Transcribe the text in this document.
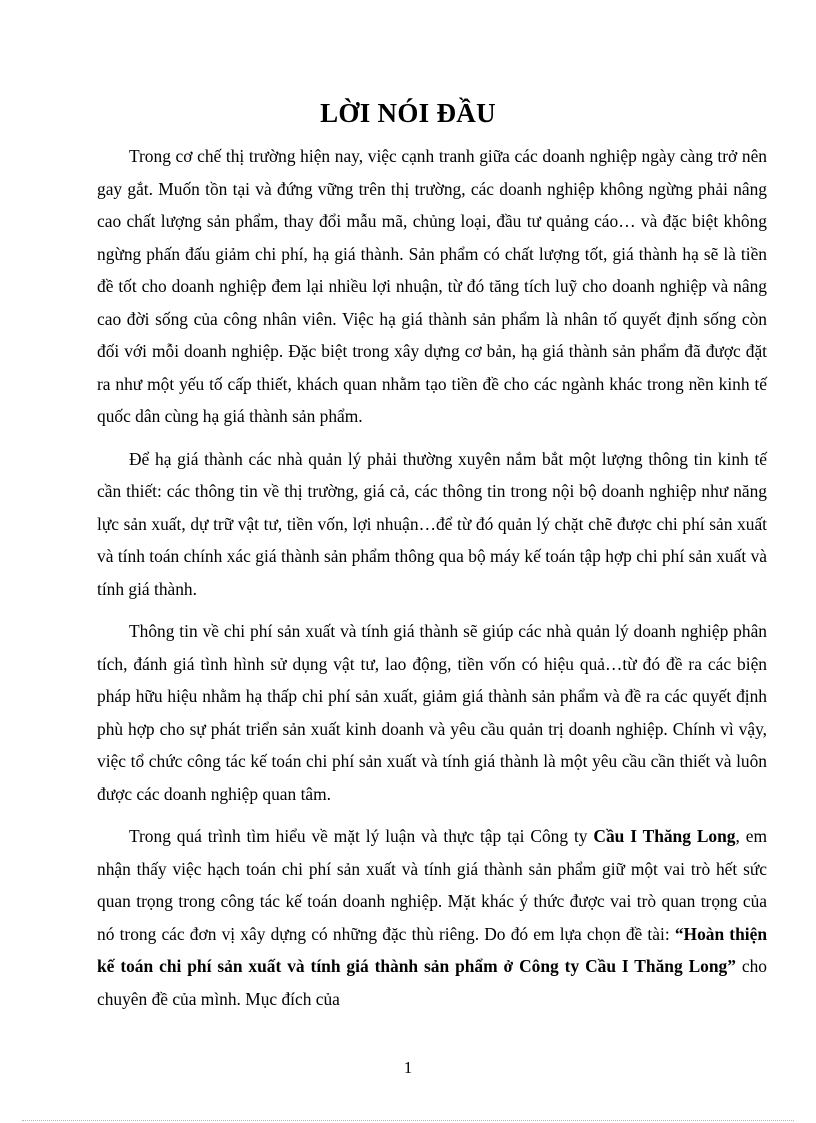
LỜI NÓI ĐẦU

Trong cơ chế thị trường hiện nay, việc cạnh tranh giữa các doanh nghiệp ngày càng trở nên gay gắt. Muốn tồn tại và đứng vững trên thị trường, các doanh nghiệp không ngừng phải nâng cao chất lượng sản phẩm, thay đổi mẫu mã, chủng loại, đầu tư quảng cáo… và đặc biệt không ngừng phấn đấu giảm chi phí, hạ giá thành. Sản phẩm có chất lượng tốt, giá thành hạ sẽ là tiền đề tốt cho doanh nghiệp đem lại nhiều lợi nhuận, từ đó tăng tích luỹ cho doanh nghiệp và nâng cao đời sống của công nhân viên. Việc hạ giá thành sản phẩm là nhân tố quyết định sống còn đối với mỗi doanh nghiệp. Đặc biệt trong xây dựng cơ bản, hạ giá thành sản phẩm đã được đặt ra như một yếu tố cấp thiết, khách quan nhằm tạo tiền đề cho các ngành khác trong nền kinh tế quốc dân cùng hạ giá thành sản phẩm.

Để hạ giá thành các nhà quản lý phải thường xuyên nắm bắt một lượng thông tin kinh tế cần thiết: các thông tin về thị trường, giá cả, các thông tin trong nội bộ doanh nghiệp như năng lực sản xuất, dự trữ vật tư, tiền vốn, lợi nhuận…để từ đó quản lý chặt chẽ được chi phí sản xuất và tính toán chính xác giá thành sản phẩm thông qua bộ máy kế toán tập hợp chi phí sản xuất và tính giá thành.

Thông tin về chi phí sản xuất và tính giá thành sẽ giúp các nhà quản lý doanh nghiệp phân tích, đánh giá tình hình sử dụng vật tư, lao động, tiền vốn có hiệu quả…từ đó đề ra các biện pháp hữu hiệu nhằm hạ thấp chi phí sản xuất, giảm giá thành sản phẩm và đề ra các quyết định phù hợp cho sự phát triển sản xuất kinh doanh và yêu cầu quản trị doanh nghiệp. Chính vì vậy, việc tổ chức công tác kế toán chi phí sản xuất và tính giá thành là một yêu cầu cần thiết và luôn được các doanh nghiệp quan tâm.

Trong quá trình tìm hiểu về mặt lý luận và thực tập tại Công ty Cầu I Thăng Long, em nhận thấy việc hạch toán chi phí sản xuất và tính giá thành sản phẩm giữ một vai trò hết sức quan trọng trong công tác kế toán doanh nghiệp. Mặt khác ý thức được vai trò quan trọng của nó trong các đơn vị xây dựng có những đặc thù riêng. Do đó em lựa chọn đề tài: “Hoàn thiện kế toán chi phí sản xuất và tính giá thành sản phẩm ở Công ty Cầu I Thăng Long” cho chuyên đề của mình. Mục đích của

1
